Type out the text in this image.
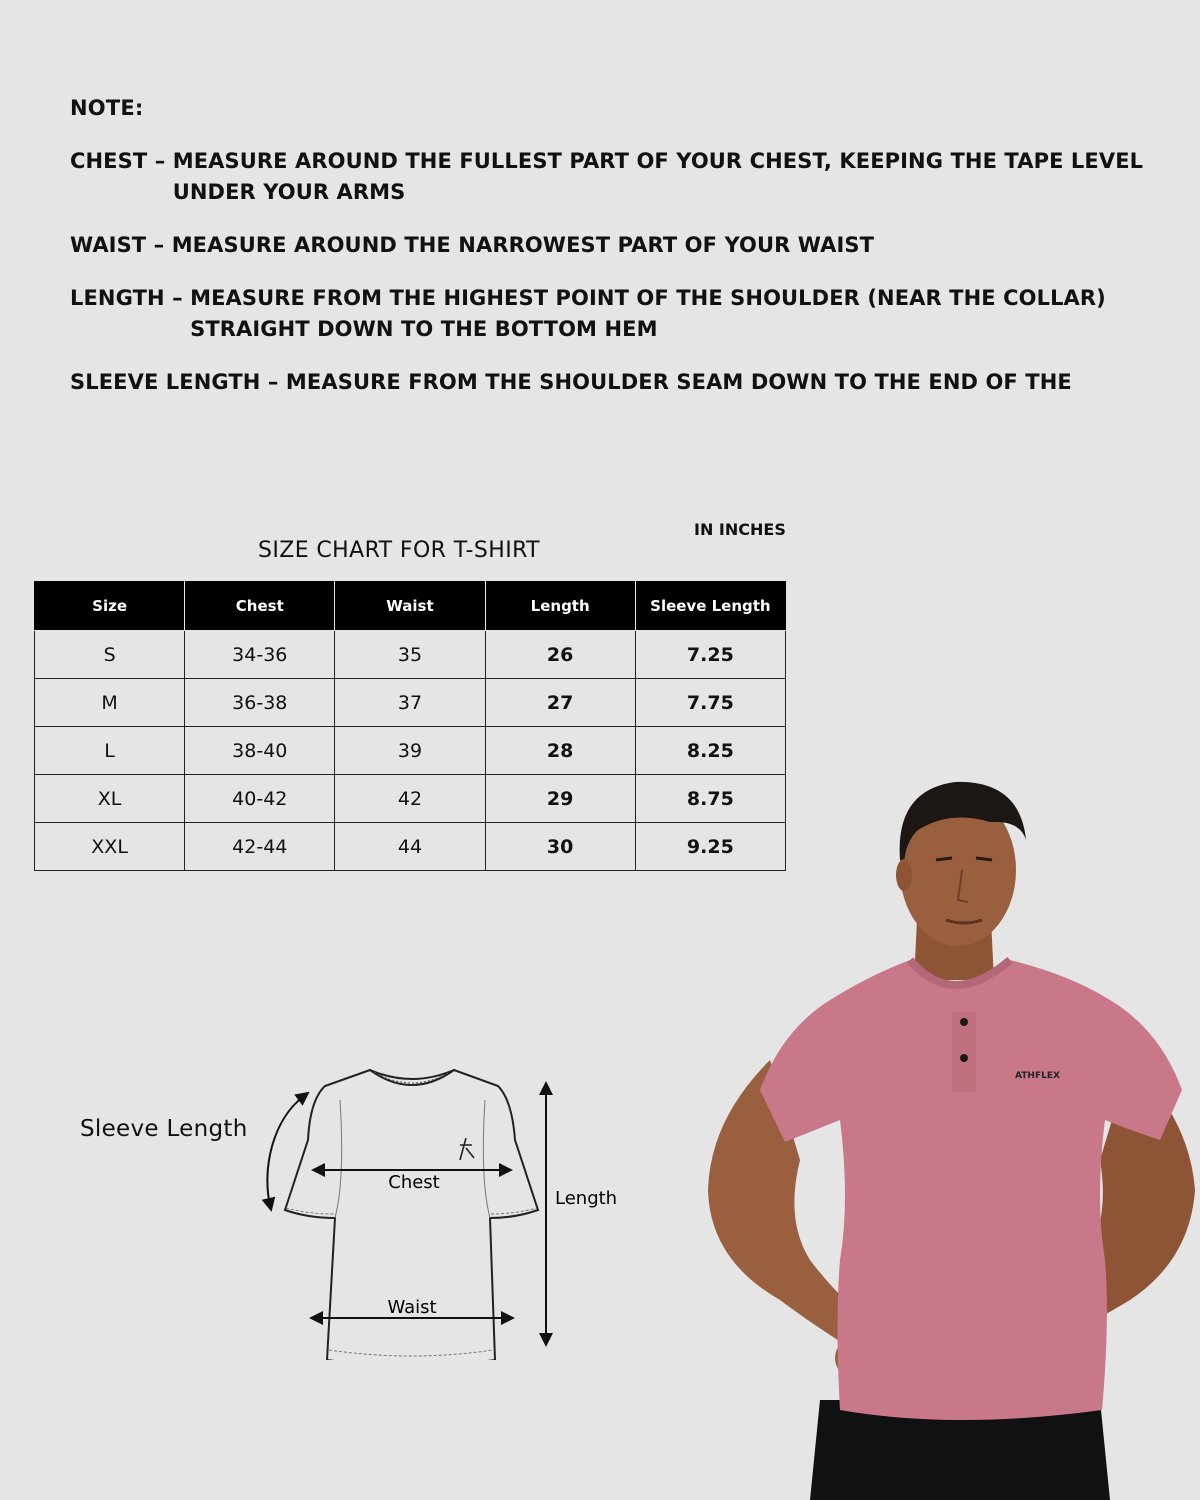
NOTE:
CHEST – MEASURE AROUND THE FULLEST PART OF YOUR CHEST, KEEPING THE TAPE LEVEL UNDER YOUR ARMS
WAIST – MEASURE AROUND THE NARROWEST PART OF YOUR WAIST
LENGTH – MEASURE FROM THE HIGHEST POINT OF THE SHOULDER (NEAR THE COLLAR) STRAIGHT DOWN TO THE BOTTOM HEM
SLEEVE LENGTH – MEASURE FROM THE SHOULDER SEAM DOWN TO THE END OF THE
IN INCHES
SIZE CHART FOR T-SHIRT
Size	Chest	Waist	Length	Sleeve Length
S	34-36	35	26	7.25
M	36-38	37	27	7.75
L	38-40	39	28	8.25
XL	40-42	42	29	8.75
XXL	42-44	44	30	9.25
Sleeve Length
Chest
Waist
Length
ATHFLEX
